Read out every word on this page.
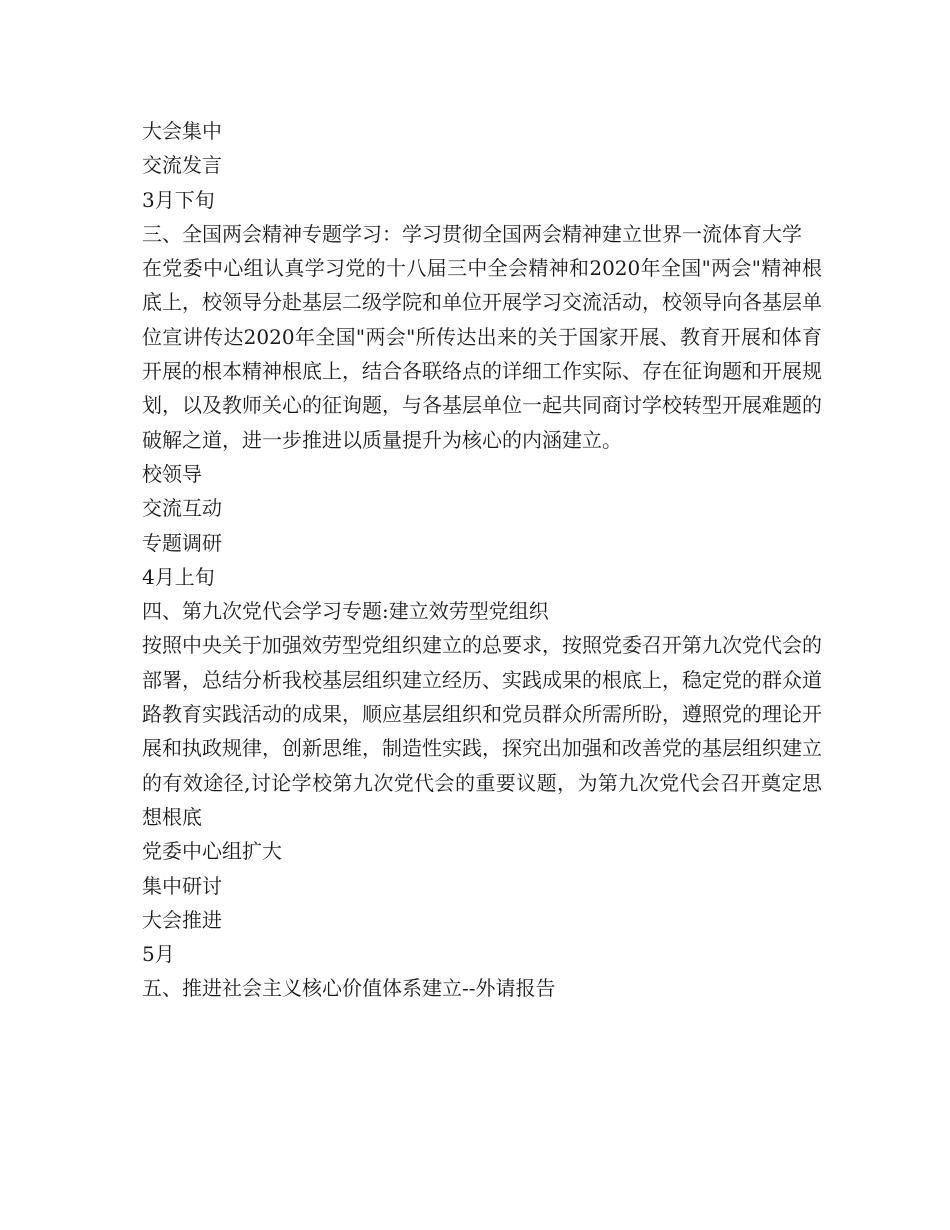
大会集中
交流发言
3月下旬
三、全国两会精神专题学习：学习贯彻全国两会精神建立世界一流体育大学
在党委中心组认真学习党的十八届三中全会精神和2020年全国"两会"精神根底上，校领导分赴基层二级学院和单位开展学习交流活动，校领导向各基层单位宣讲传达2020年全国"两会"所传达出来的关于国家开展、教育开展和体育开展的根本精神根底上，结合各联络点的详细工作实际、存在征询题和开展规划，以及教师关心的征询题，与各基层单位一起共同商讨学校转型开展难题的破解之道，进一步推进以质量提升为核心的内涵建立。
校领导
交流互动
专题调研
4月上旬
四、第九次党代会学习专题:建立效劳型党组织
按照中央关于加强效劳型党组织建立的总要求，按照党委召开第九次党代会的部署，总结分析我校基层组织建立经历、实践成果的根底上，稳定党的群众道路教育实践活动的成果，顺应基层组织和党员群众所需所盼，遵照党的理论开展和执政规律，创新思维，制造性实践，探究出加强和改善党的基层组织建立的有效途径,讨论学校第九次党代会的重要议题，为第九次党代会召开奠定思想根底
党委中心组扩大
集中研讨
大会推进
5月
五、推进社会主义核心价值体系建立--外请报告
